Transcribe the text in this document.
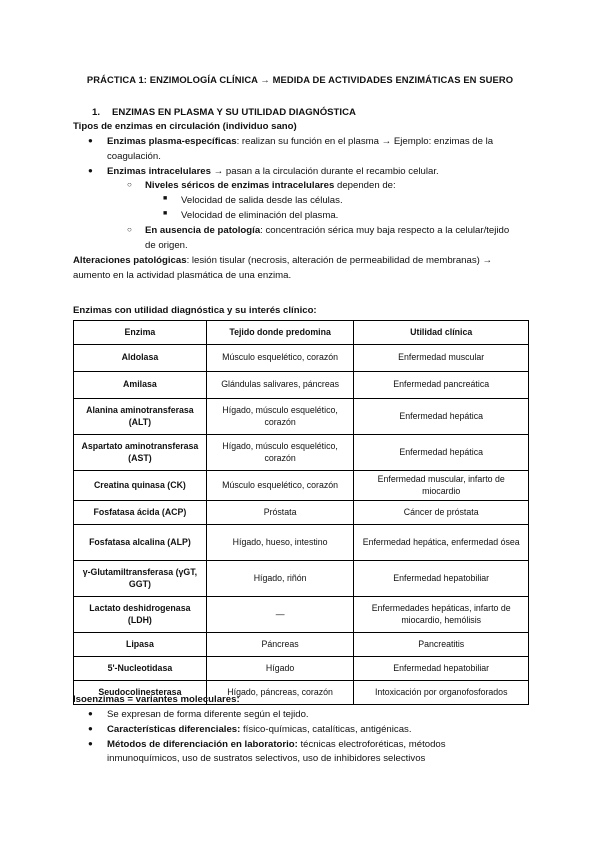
PRÁCTICA 1: ENZIMOLOGÍA CLÍNICA → MEDIDA DE ACTIVIDADES ENZIMÁTICAS EN SUERO
1. ENZIMAS EN PLASMA Y SU UTILIDAD DIAGNÓSTICA
Tipos de enzimas en circulación (individuo sano)
● Enzimas plasma-específicas: realizan su función en el plasma → Ejemplo: enzimas de la
coagulación.
● Enzimas intracelulares → pasan a la circulación durante el recambio celular.
○ Niveles séricos de enzimas intracelulares dependen de:
■ Velocidad de salida desde las células.
■ Velocidad de eliminación del plasma.
○ En ausencia de patología: concentración sérica muy baja respecto a la celular/tejido
de origen.
Alteraciones patológicas: lesión tisular (necrosis, alteración de permeabilidad de membranas) →
aumento en la actividad plasmática de una enzima.
Enzimas con utilidad diagnóstica y su interés clínico:
Enzima	Tejido donde predomina	Utilidad clínica
Aldolasa	Músculo esquelético, corazón	Enfermedad muscular
Amilasa	Glándulas salivares, páncreas	Enfermedad pancreática
Alanina aminotransferasa (ALT)	Hígado, músculo esquelético, corazón	Enfermedad hepática
Aspartato aminotransferasa (AST)	Hígado, músculo esquelético, corazón	Enfermedad hepática
Creatina quinasa (CK)	Músculo esquelético, corazón	Enfermedad muscular, infarto de miocardio
Fosfatasa ácida (ACP)	Próstata	Cáncer de próstata
Fosfatasa alcalina (ALP)	Hígado, hueso, intestino	Enfermedad hepática, enfermedad ósea
γ-Glutamiltransferasa (γGT, GGT)	Hígado, riñón	Enfermedad hepatobiliar
Lactato deshidrogenasa (LDH)	—	Enfermedades hepáticas, infarto de miocardio, hemólisis
Lipasa	Páncreas	Pancreatitis
5'-Nucleotidasa	Hígado	Enfermedad hepatobiliar
Seudocolinesterasa	Hígado, páncreas, corazón	Intoxicación por organofosforados
Isoenzimas = variantes moleculares:
● Se expresan de forma diferente según el tejido.
● Características diferenciales: físico-químicas, catalíticas, antigénicas.
● Métodos de diferenciación en laboratorio: técnicas electroforéticas, métodos
inmunoquímicos, uso de sustratos selectivos, uso de inhibidores selectivos
